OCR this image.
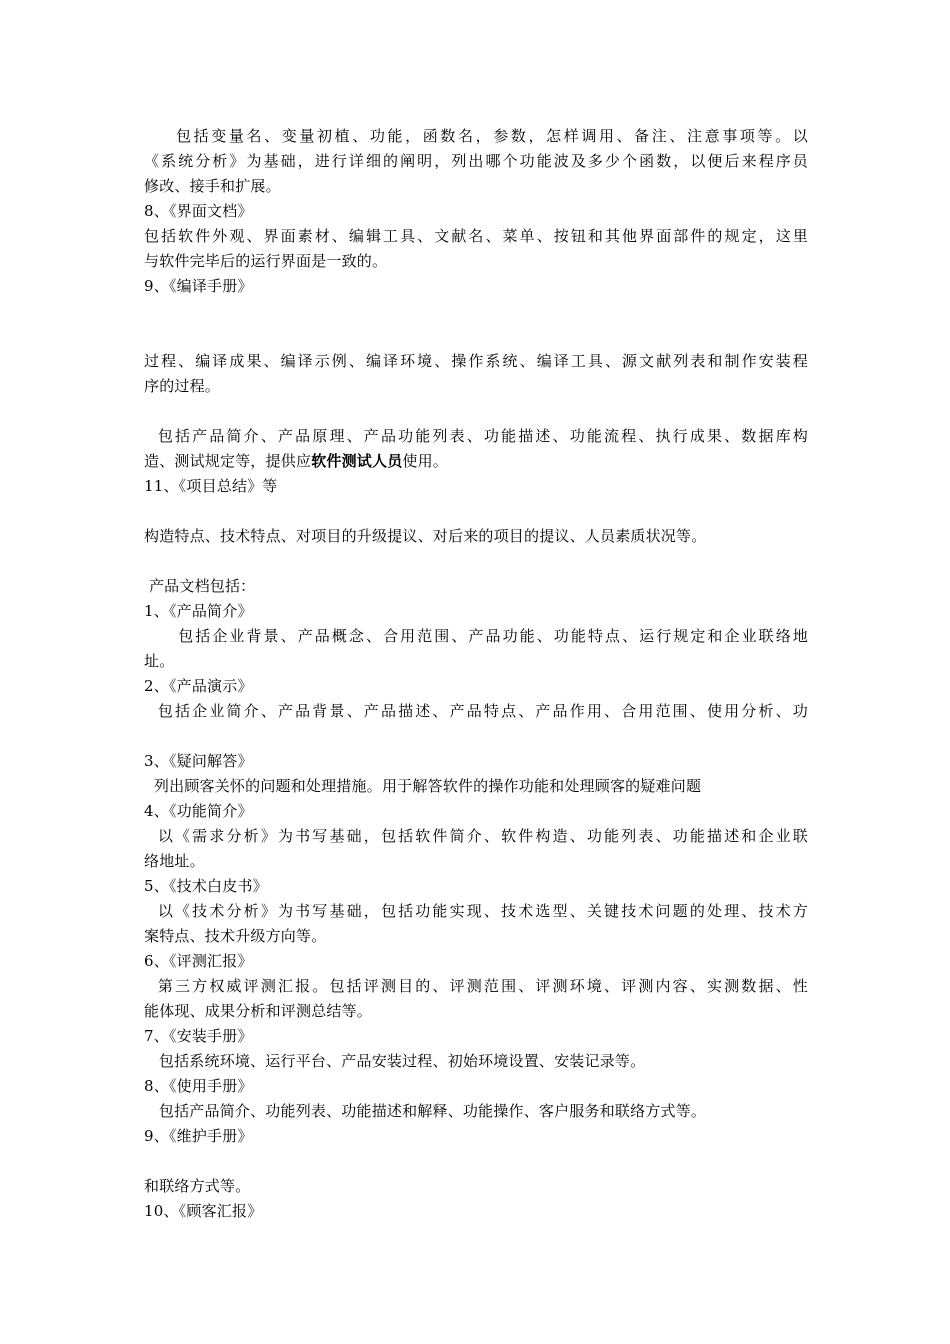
包括变量名、变量初植、功能，函数名，参数，怎样调用、备注、注意事项等。以
《系统分析》为基础，进行详细的阐明，列出哪个功能波及多少个函数，以便后来程序员
修改、接手和扩展。
8、《界面文档》
包括软件外观、界面素材、编辑工具、文献名、菜单、按钮和其他界面部件的规定，这里
与软件完毕后的运行界面是一致的。
9、《编译手册》

过程、编译成果、编译示例、编译环境、操作系统、编译工具、源文献列表和制作安装程
序的过程。

包括产品简介、产品原理、产品功能列表、功能描述、功能流程、执行成果、数据库构
造、测试规定等，提供应软件测试人员使用。
11、《项目总结》等

构造特点、技术特点、对项目的升级提议、对后来的项目的提议、人员素质状况等。
产品文档包括：
1、《产品简介》
包括企业背景、产品概念、合用范围、产品功能、功能特点、运行规定和企业联络地
址。
2、《产品演示》
包括企业简介、产品背景、产品描述、产品特点、产品作用、合用范围、使用分析、功

3、《疑问解答》
列出顾客关怀的问题和处理措施。用于解答软件的操作功能和处理顾客的疑难问题
4、《功能简介》
以《需求分析》为书写基础，包括软件简介、软件构造、功能列表、功能描述和企业联
络地址。
5、《技术白皮书》
以《技术分析》为书写基础，包括功能实现、技术选型、关键技术问题的处理、技术方
案特点、技术升级方向等。
6、《评测汇报》
第三方权威评测汇报。包括评测目的、评测范围、评测环境、评测内容、实测数据、性
能体现、成果分析和评测总结等。
7、《安装手册》
包括系统环境、运行平台、产品安装过程、初始环境设置、安装记录等。
8、《使用手册》
包括产品简介、功能列表、功能描述和解释、功能操作、客户服务和联络方式等。
9、《维护手册》

和联络方式等。
10、《顾客汇报》
